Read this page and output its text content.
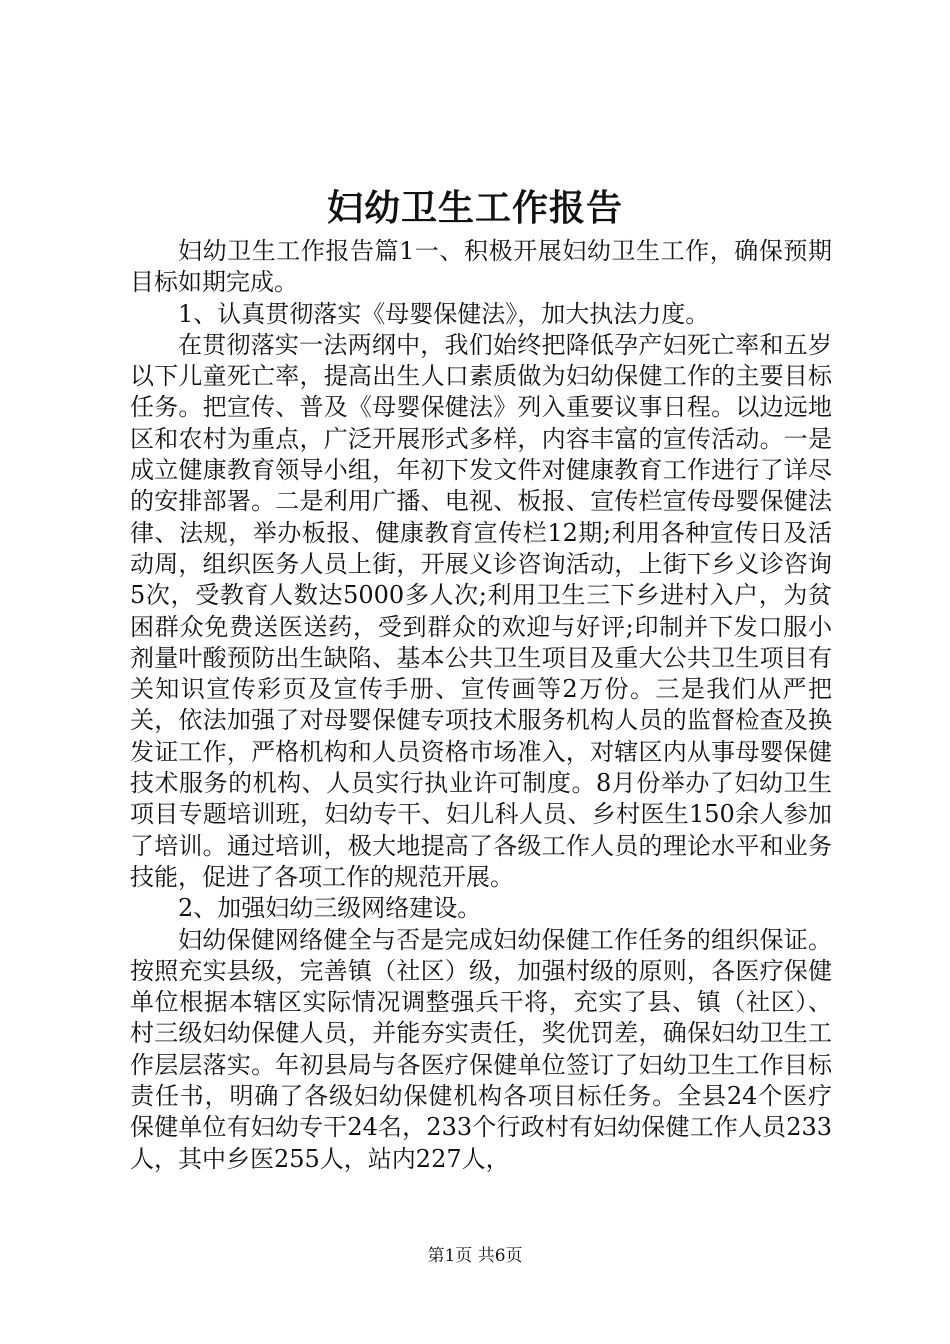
妇幼卫生工作报告

妇幼卫生工作报告篇1一、积极开展妇幼卫生工作，确保预期目标如期完成。

1、认真贯彻落实《母婴保健法》，加大执法力度。

在贯彻落实一法两纲中，我们始终把降低孕产妇死亡率和五岁以下儿童死亡率，提高出生人口素质做为妇幼保健工作的主要目标任务。把宣传、普及《母婴保健法》列入重要议事日程。以边远地区和农村为重点，广泛开展形式多样，内容丰富的宣传活动。一是成立健康教育领导小组，年初下发文件对健康教育工作进行了详尽的安排部署。二是利用广播、电视、板报、宣传栏宣传母婴保健法律、法规，举办板报、健康教育宣传栏12期;利用各种宣传日及活动周，组织医务人员上街，开展义诊咨询活动，上街下乡义诊咨询5次，受教育人数达5000多人次;利用卫生三下乡进村入户，为贫困群众免费送医送药，受到群众的欢迎与好评;印制并下发口服小剂量叶酸预防出生缺陷、基本公共卫生项目及重大公共卫生项目有关知识宣传彩页及宣传手册、宣传画等2万份。三是我们从严把关，依法加强了对母婴保健专项技术服务机构人员的监督检查及换发证工作，严格机构和人员资格市场准入，对辖区内从事母婴保健技术服务的机构、人员实行执业许可制度。8月份举办了妇幼卫生项目专题培训班，妇幼专干、妇儿科人员、乡村医生150余人参加了培训。通过培训，极大地提高了各级工作人员的理论水平和业务技能，促进了各项工作的规范开展。

2、加强妇幼三级网络建设。

妇幼保健网络健全与否是完成妇幼保健工作任务的组织保证。按照充实县级，完善镇（社区）级，加强村级的原则，各医疗保健单位根据本辖区实际情况调整强兵干将，充实了县、镇（社区）、村三级妇幼保健人员，并能夯实责任，奖优罚差，确保妇幼卫生工作层层落实。年初县局与各医疗保健单位签订了妇幼卫生工作目标责任书，明确了各级妇幼保健机构各项目标任务。全县24个医疗保健单位有妇幼专干24名，233个行政村有妇幼保健工作人员233人，其中乡医255人，站内227人，

第1页 共6页
